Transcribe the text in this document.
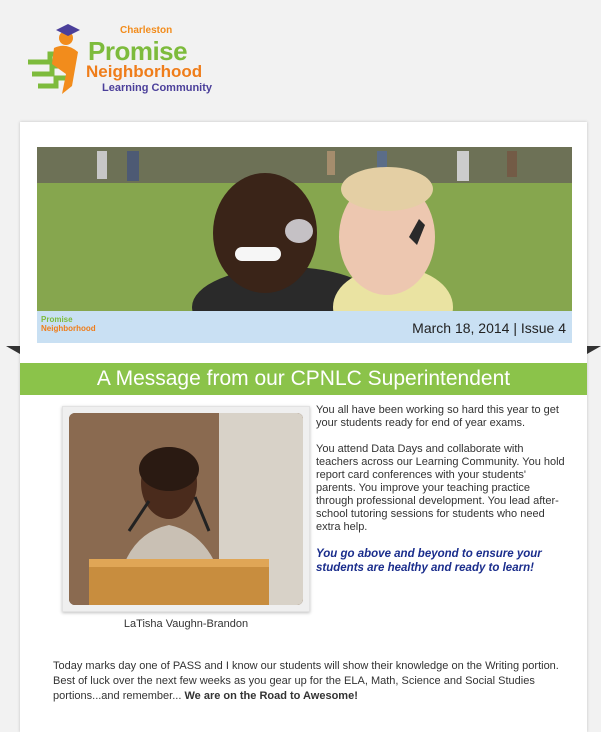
Charleston
Promise
Neighborhood
Learning Community
Promise
Neighborhood	March 18, 2014 | Issue 4
A Message from our CPNLC Superintendent
LaTisha Vaughn-Brandon

You all have been working so hard this year to get your students ready for end of year exams.

You attend Data Days and collaborate with teachers across our Learning Community. You hold report card conferences with your students' parents. You improve your teaching practice through professional development. You lead after-school tutoring sessions for students who need extra help.

You go above and beyond to ensure your students are healthy and ready to learn!

Today marks day one of PASS and I know our students will show their knowledge on the Writing portion. Best of luck over the next few weeks as you gear up for the ELA, Math, Science and Social Studies portions...and remember... We are on the Road to Awesome!
